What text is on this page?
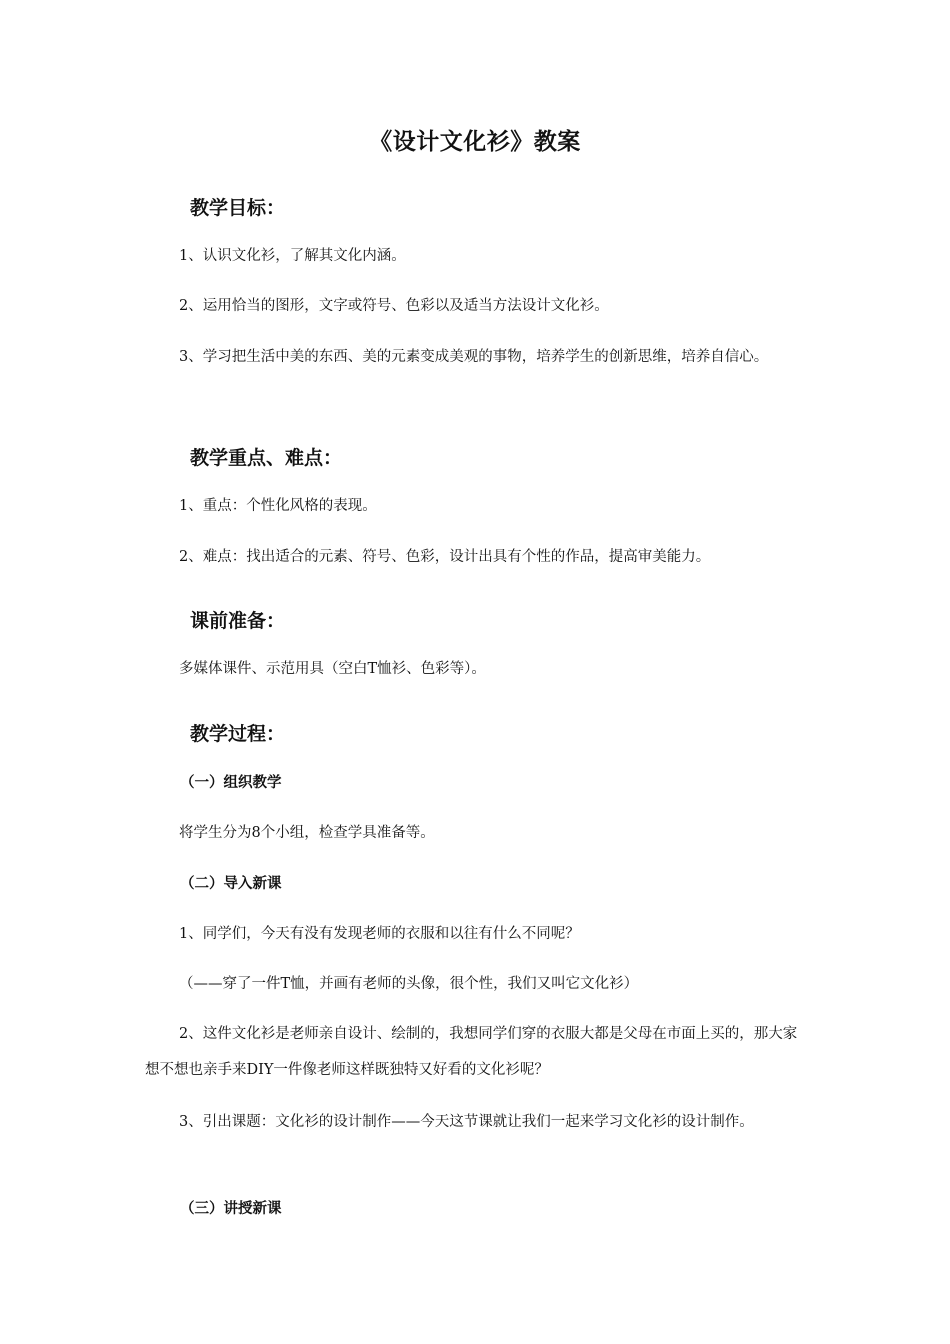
《设计文化衫》教案
教学目标：
1、认识文化衫，了解其文化内涵。
2、运用恰当的图形，文字或符号、色彩以及适当方法设计文化衫。
3、学习把生活中美的东西、美的元素变成美观的事物，培养学生的创新思维，培养自信心。
教学重点、难点：
1、重点：个性化风格的表现。
2、难点：找出适合的元素、符号、色彩，设计出具有个性的作品，提高审美能力。
课前准备：
多媒体课件、示范用具（空白T恤衫、色彩等）。
教学过程：
（一）组织教学
将学生分为8个小组，检查学具准备等。
（二）导入新课
1、同学们，今天有没有发现老师的衣服和以往有什么不同呢？
（——穿了一件T恤，并画有老师的头像，很个性，我们又叫它文化衫）
2、这件文化衫是老师亲自设计、绘制的，我想同学们穿的衣服大都是父母在市面上买的，那大家想不想也亲手来DIY一件像老师这样既独特又好看的文化衫呢？
3、引出课题：文化衫的设计制作——今天这节课就让我们一起来学习文化衫的设计制作。
（三）讲授新课
